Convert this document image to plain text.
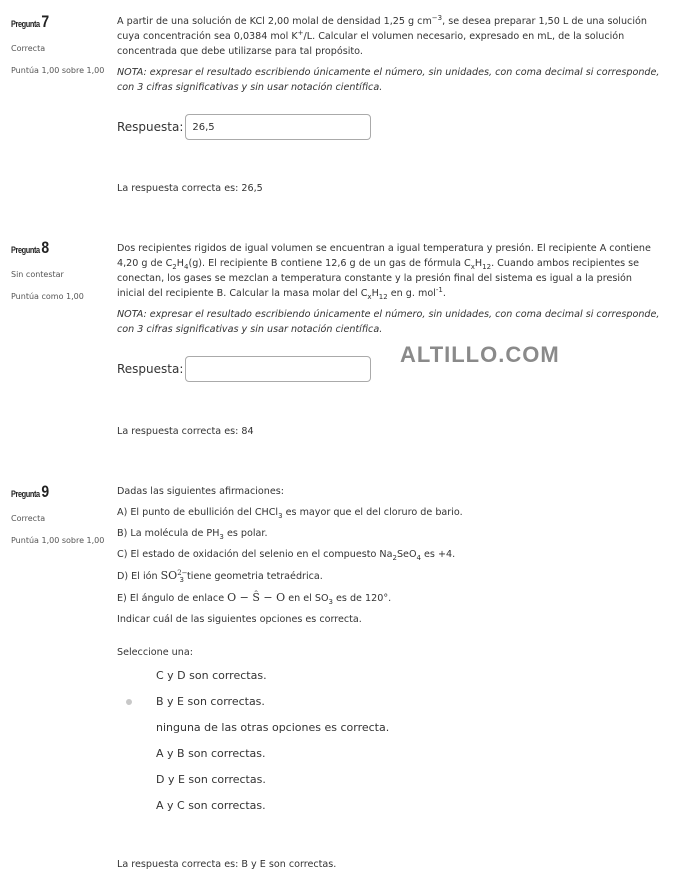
Pregunta 7
Correcta
Puntúa 1,00 sobre 1,00

A partir de una solución de KCl 2,00 molal de densidad 1,25 g $cm^{-3}$, se desea preparar 1,50 L de una solución

cuya concentración sea 0,0384 mol K+/L. Calcular el volumen necesario, expresado en mL, de la solución

concentrada que debe utilizarse para tal propósito.

NOTA: expresar el resultado escribiendo únicamente el número, sin unidades, con coma decimal si corresponde, con 3 cifras significativas y sin usar notación científica.

Respuesta: 26,5
La respuesta correcta es: 26,5
Pregunta 8
Sin contestar
Puntúa como 1,00

Dos recipientes rigidos de igual volumen se encuentran a igual temperatura y presión. El recipiente A contiene

4,20 g de $C_2H_4(g)$. El recipiente B contiene 12,6 g de un gas de fórmula $C_xH_{12}$. Cuando ambos recipientes se

conectan, los gases se mezclan a temperatura constante y la presión final del sistema es igual a la presión

inicial del recipiente B. Calcular la masa molar del $C_xH_{12}$ en g. mol$^{-1}$.

NOTA: expresar el resultado escribiendo únicamente el número, sin unidades, con coma decimal si corresponde, con 3 cifras significativas y sin usar notación científica.

Respuesta:
ALTILLO.COM
La respuesta correcta es: 84
Pregunta 9
Correcta
Puntúa 1,00 sobre 1,00

Dadas las siguientes afirmaciones:

A) El punto de ebullición del CHCl$_3$ es mayor que el del cloruro de bario.

B) La molécula de $PH_3$ es polar.

C) El estado de oxidación del selenio en el compuesto $Na_2SeO_4$ es +4.

D) El ión $SO^{2-}_3$ tiene geometria tetraédrica.

E) El ángulo de enlace O − Ŝ − O en el $SO_3$ es de 120°.

Indicar cuál de las siguientes opciones es correcta.

Seleccione una:

C y D son correctas.
B y E son correctas.
ninguna de las otras opciones es correcta.
A y B son correctas.
D y E son correctas.
A y C son correctas.
La respuesta correcta es: B y E son correctas.
